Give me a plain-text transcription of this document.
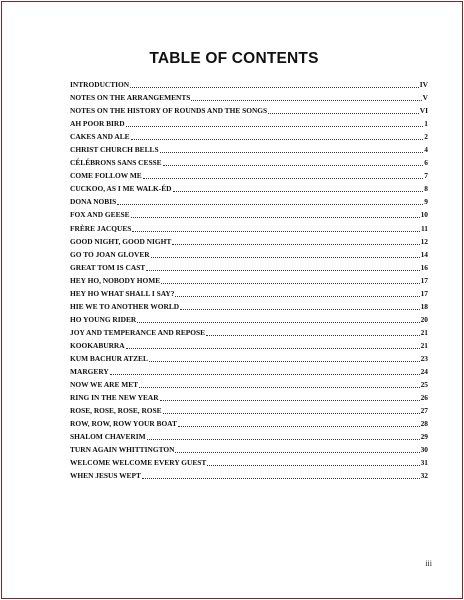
TABLE OF CONTENTS
INTRODUCTION	IV
NOTES ON THE ARRANGEMENTS	V
NOTES ON THE HISTORY OF ROUNDS AND THE SONGS	VI
AH POOR BIRD	1
CAKES AND ALE	2
CHRIST CHURCH BELLS	4
CÉLÉBRONS SANS CESSE	6
COME FOLLOW ME	7
CUCKOO, AS I ME WALK-ÉD	8
DONA NOBIS	9
FOX AND GEESE	10
FRÈRE JACQUES	11
GOOD NIGHT, GOOD NIGHT	12
GO TO JOAN GLOVER	14
GREAT TOM IS CAST	16
HEY HO, NOBODY HOME	17
HEY HO WHAT SHALL I SAY?	17
HIE WE TO ANOTHER WORLD	18
HO YOUNG RIDER	20
JOY AND TEMPERANCE AND REPOSE	21
KOOKABURRA	21
KUM BACHUR ATZEL	23
MARGERY	24
NOW WE ARE MET	25
RING IN THE NEW YEAR	26
ROSE, ROSE, ROSE, ROSE	27
ROW, ROW, ROW YOUR BOAT	28
SHALOM CHAVERIM	29
TURN AGAIN WHITTINGTON	30
WELCOME WELCOME EVERY GUEST	31
WHEN JESUS WEPT	32
iii
